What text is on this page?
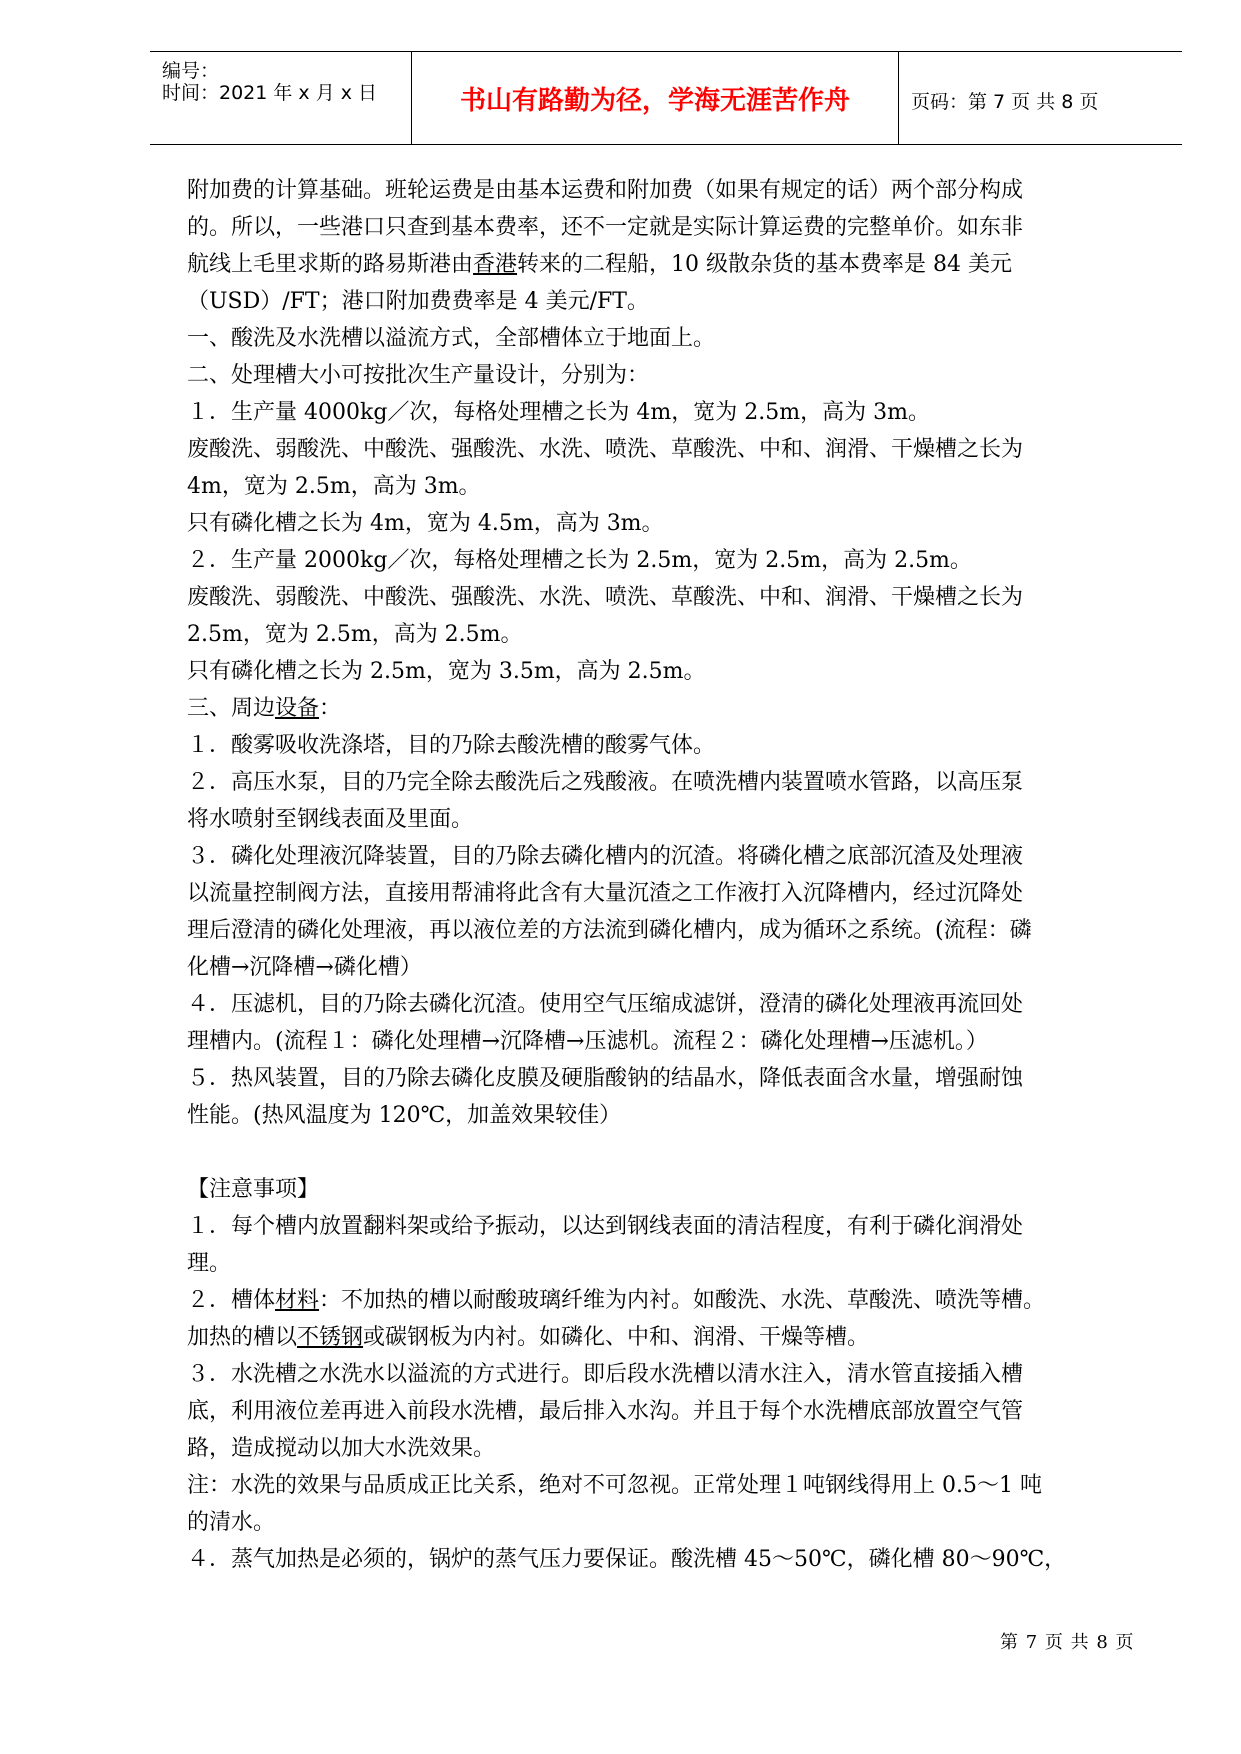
编号：
时间：2021 年 x 月 x 日	书山有路勤为径，学海无涯苦作舟	页码：第 7 页 共 8 页
附加费的计算基础。班轮运费是由基本运费和附加费（如果有规定的话）两个部分构成
的。所以，一些港口只查到基本费率，还不一定就是实际计算运费的完整单价。如东非
航线上毛里求斯的路易斯港由香港转来的二程船，10 级散杂货的基本费率是 84 美元
（USD）/FT；港口附加费费率是 4 美元/FT。
一、酸洗及水洗槽以溢流方式，全部槽体立于地面上。
二、处理槽大小可按批次生产量设计，分别为：
１．生产量 4000kg／次，每格处理槽之长为 4m，宽为 2.5m，高为 3m。
废酸洗、弱酸洗、中酸洗、强酸洗、水洗、喷洗、草酸洗、中和、润滑、干燥槽之长为
4m，宽为 2.5m，高为 3m。
只有磷化槽之长为 4m，宽为 4.5m，高为 3m。
２．生产量 2000kg／次，每格处理槽之长为 2.5m，宽为 2.5m，高为 2.5m。
废酸洗、弱酸洗、中酸洗、强酸洗、水洗、喷洗、草酸洗、中和、润滑、干燥槽之长为
2.5m，宽为 2.5m，高为 2.5m。
只有磷化槽之长为 2.5m，宽为 3.5m，高为 2.5m。
三、周边设备：
１．酸雾吸收洗涤塔，目的乃除去酸洗槽的酸雾气体。
２．高压水泵，目的乃完全除去酸洗后之残酸液。在喷洗槽内装置喷水管路，以高压泵
将水喷射至钢线表面及里面。
３．磷化处理液沉降装置，目的乃除去磷化槽内的沉渣。将磷化槽之底部沉渣及处理液
以流量控制阀方法，直接用帮浦将此含有大量沉渣之工作液打入沉降槽内，经过沉降处
理后澄清的磷化处理液，再以液位差的方法流到磷化槽内，成为循环之系统。(流程：磷
化槽→沉降槽→磷化槽）
４．压滤机，目的乃除去磷化沉渣。使用空气压缩成滤饼，澄清的磷化处理液再流回处
理槽内。(流程１：磷化处理槽→沉降槽→压滤机。流程２：磷化处理槽→压滤机。）
５．热风装置，目的乃除去磷化皮膜及硬脂酸钠的结晶水，降低表面含水量，增强耐蚀
性能。(热风温度为 120℃，加盖效果较佳）
【注意事项】
１．每个槽内放置翻料架或给予振动，以达到钢线表面的清洁程度，有利于磷化润滑处
理。
２．槽体材料：不加热的槽以耐酸玻璃纤维为内衬。如酸洗、水洗、草酸洗、喷洗等槽。
加热的槽以不锈钢或碳钢板为内衬。如磷化、中和、润滑、干燥等槽。
３．水洗槽之水洗水以溢流的方式进行。即后段水洗槽以清水注入，清水管直接插入槽
底，利用液位差再进入前段水洗槽，最后排入水沟。并且于每个水洗槽底部放置空气管
路，造成搅动以加大水洗效果。
注：水洗的效果与品质成正比关系，绝对不可忽视。正常处理１吨钢线得用上 0.5～1 吨
的清水。
４．蒸气加热是必须的，锅炉的蒸气压力要保证。酸洗槽 45～50℃，磷化槽 80～90℃，
第 7 页 共 8 页
